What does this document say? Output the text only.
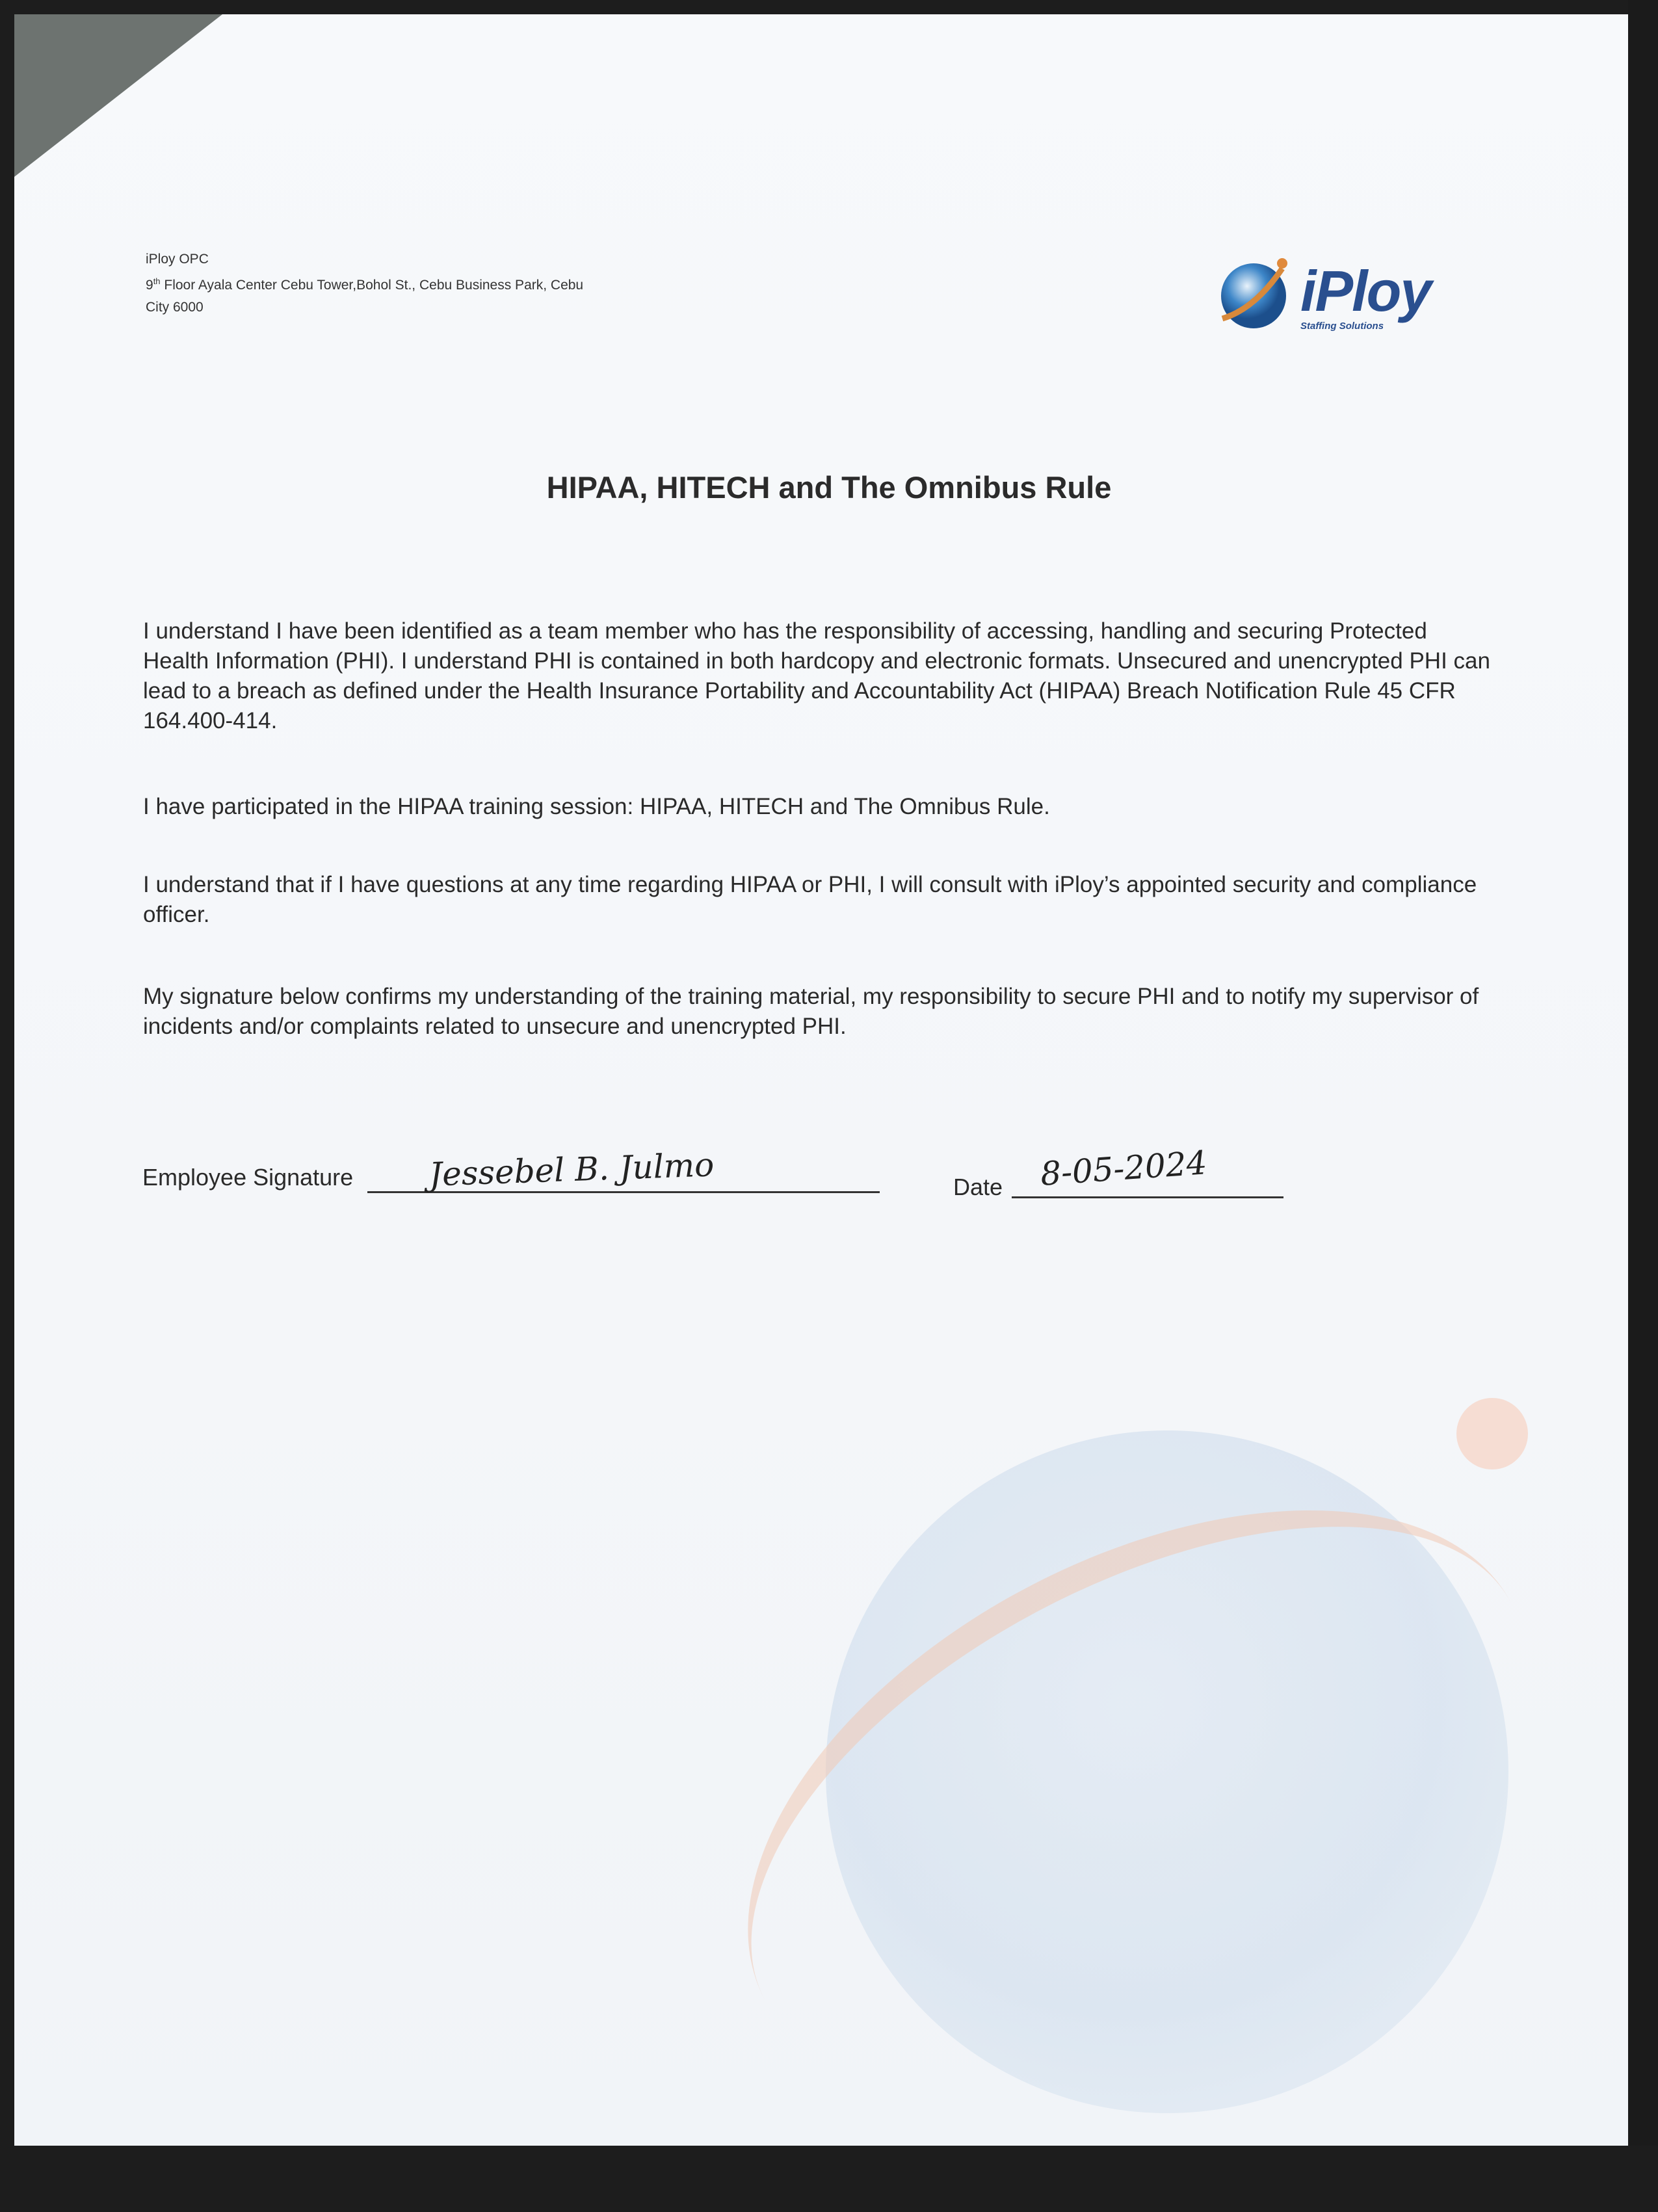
iPloy OPC
9th Floor Ayala Center Cebu Tower,Bohol St., Cebu Business Park, Cebu
City 6000	iPloy
Staffing Solutions
HIPAA, HITECH and The Omnibus Rule
I understand I have been identified as a team member who has the responsibility of accessing, handling and securing Protected Health Information (PHI). I understand PHI is contained in both hardcopy and electronic formats. Unsecured and unencrypted PHI can lead to a breach as defined under the Health Insurance Portability and Accountability Act (HIPAA) Breach Notification Rule 45 CFR 164.400-414.
I have participated in the HIPAA training session: HIPAA, HITECH and The Omnibus Rule.
I understand that if I have questions at any time regarding HIPAA or PHI, I will consult with iPloy’s appointed security and compliance officer.
My signature below confirms my understanding of the training material, my responsibility to secure PHI and to notify my supervisor of incidents and/or complaints related to unsecure and unencrypted PHI.
Employee Signature Jessebel B. Julmo	Date 8-05-2024
